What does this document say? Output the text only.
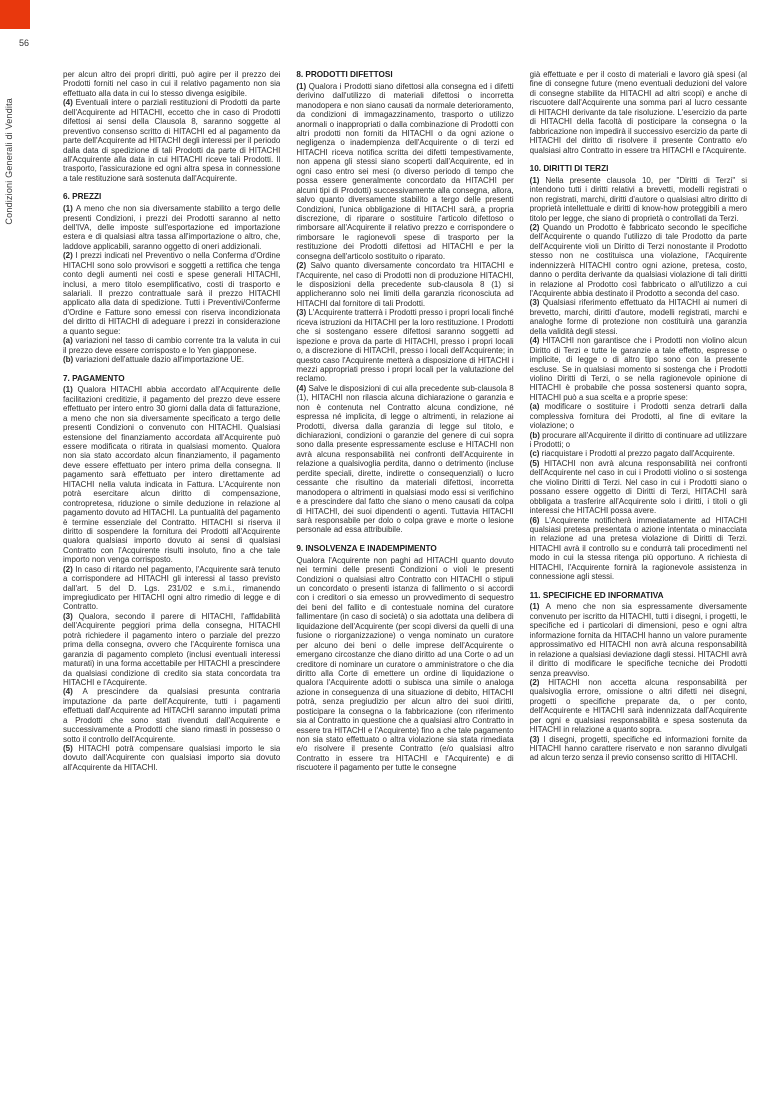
56
Condizioni Generali di Vendita

per alcun altro dei propri diritti, può agire per il prezzo dei Prodotti forniti nel caso in cui il relativo pagamento non sia effettuato alla data in cui lo stesso divenga esigibile.

(4) Eventuali intere o parziali restituzioni di Prodotti da parte dell'Acquirente ad HITACHI, eccetto che in caso di Prodotti difettosi ai sensi della Clausola 8, saranno soggette al preventivo consenso scritto di HITACHI ed al pagamento da parte dell'Acquirente ad HITACHI degli interessi per il periodo dalla data di spedizione di tali Prodotti da parte di HITACHI all'Acquirente alla data in cui HITACHI riceve tali Prodotti. Il trasporto, l'assicurazione ed ogni altra spesa in connessione a tale restituzione sarà sostenuta dall'Acquirente.

6. PREZZI

(1) A meno che non sia diversamente stabilito a tergo delle presenti Condizioni, i prezzi dei Prodotti saranno al netto dell'IVA, delle imposte sull'esportazione ed importazione estera e di qualsiasi altra tassa all'importazione o altro, che, laddove applicabili, saranno oggetto di oneri addizionali.

(2) I prezzi indicati nel Preventivo o nella Conferma d'Ordine HITACHI sono solo provvisori e soggetti a rettifica che tenga conto degli aumenti nei costi e spese generali HITACHI, inclusi, a mero titolo esemplificativo, costi di trasporto e salariali. Il prezzo contrattuale sarà il prezzo HITACHI applicato alla data di spedizione. Tutti i Preventivi/Conferme d'Ordine e Fatture sono emessi con riserva incondizionata del diritto di HITACHI di adeguare i prezzi in considerazione a quanto segue:

(a) variazioni nel tasso di cambio corrente tra la valuta in cui il prezzo deve essere corrisposto e lo Yen giapponese.

(b) variazioni dell'attuale dazio all'importazione UE.

7. PAGAMENTO

(1) Qualora HITACHI abbia accordato all'Acquirente delle facilitazioni creditizie, il pagamento del prezzo deve essere effettuato per intero entro 30 giorni dalla data di fatturazione, a meno che non sia diversamente specificato a tergo delle presenti Condizioni o convenuto con HITACHI. Qualsiasi estensione del finanziamento accordata all'Acquirente può essere modificata o ritirata in qualsiasi momento. Qualora non sia stato accordato alcun finanziamento, il pagamento deve essere effettuato per intero prima della consegna. Il pagamento sarà effettuato per intero direttamente ad HITACHI nella valuta indicata in Fattura. L'Acquirente non potrà esercitare alcun diritto di compensazione, contropretesa, riduzione o simile deduzione in relazione al pagamento dovuto ad HITACHI. La puntualità del pagamento è termine essenziale del Contratto. HITACHI si riserva il diritto di sospendere la fornitura dei Prodotti all'Acquirente qualora qualsiasi importo dovuto ai sensi di qualsiasi Contratto con l'Acquirente risulti insoluto, fino a che tale importo non venga corrisposto.

(2) In caso di ritardo nel pagamento, l'Acquirente sarà tenuto a corrispondere ad HITACHI gli interessi al tasso previsto dall'art. 5 del D. Lgs. 231/02 e s.m.i., rimanendo impregiudicato per HITACHI ogni altro rimedio di legge e di Contratto.

(3) Qualora, secondo il parere di HITACHI, l'affidabilità dell'Acquirente peggiori prima della consegna, HITACHI potrà richiedere il pagamento intero o parziale del prezzo prima della consegna, ovvero che l'Acquirente fornisca una garanzia di pagamento completo (inclusi eventuali interessi maturati) in una forma accettabile per HITACHI a prescindere da qualsiasi condizione di credito sia stata concordata tra HITACHI e l'Acquirente.

(4) A prescindere da qualsiasi presunta contraria imputazione da parte dell'Acquirente, tutti i pagamenti effettuati dall'Acquirente ad HITACHI saranno imputati prima a Prodotti che sono stati rivenduti dall'Acquirente e successivamente a Prodotti che siano rimasti in possesso o sotto il controllo dell'Acquirente.

(5) HITACHI potrà compensare qualsiasi importo le sia dovuto dall'Acquirente con qualsiasi importo sia dovuto all'Acquirente da HITACHI.

8. PRODOTTI DIFETTOSI

(1) Qualora i Prodotti siano difettosi alla consegna ed i difetti derivino dall'utilizzo di materiali difettosi o incorretta manodopera e non siano causati da normale deterioramento, da condizioni di immagazzinamento, trasporto o utilizzo anormali o inappropriati o dalla combinazione di Prodotti con altri prodotti non forniti da HITACHI o da ogni azione o negligenza o inadempienza dell'Acquirente o di terzi ed HITACHI riceva notifica scritta dei difetti tempestivamente, non appena gli stessi siano scoperti dall'Acquirente, ed in ogni caso entro sei mesi (o diverso periodo di tempo che possa essere generalmente concordato da HITACHI per alcuni tipi di Prodotti) successivamente alla consegna, allora, salvo quanto diversamente stabilito a tergo delle presenti Condizioni, l'unica obbligazione di HITACHI sarà, a propria discrezione, di riparare o sostituire l'articolo difettoso o rimborsare all'Acquirente il relativo prezzo e corrispondere o rimborsare le ragionevoli spese di trasporto per la restituzione dei Prodotti difettosi ad HITACHI e per la consegna dell'articolo sostituito o riparato.

(2) Salvo quanto diversamente concordato tra HITACHI e l'Acquirente, nel caso di Prodotti non di produzione HITACHI, le disposizioni della precedente sub-clausola 8 (1) si applicheranno solo nei limiti della garanzia riconosciuta ad HITACHI dal fornitore di tali Prodotti.

(3) L'Acquirente tratterrà i Prodotti presso i propri locali finché riceva istruzioni da HITACHI per la loro restituzione. I Prodotti che si sostengano essere difettosi saranno soggetti ad ispezione e prova da parte di HITACHI, presso i propri locali o, a discrezione di HITACHI, presso i locali dell'Acquirente; in questo caso l'Acquirente metterà a disposizione di HITACHI i mezzi appropriati presso i propri locali per la valutazione del reclamo.

(4) Salve le disposizioni di cui alla precedente sub-clausola 8 (1), HITACHI non rilascia alcuna dichiarazione o garanzia e non è contenuta nel Contratto alcuna condizione, né espressa né implicita, di legge o altrimenti, in relazione ai Prodotti, diversa dalla garanzia di legge sul titolo, e dichiarazioni, condizioni o garanzie del genere di cui sopra sono dalla presente espressamente escluse e HITACHI non avrà alcuna responsabilità nei confronti dell'Acquirente in relazione a qualsivoglia perdita, danno o detrimento (incluse perdite speciali, dirette, indirette o consequenziali) o lucro cessante che risultino da materiali difettosi, incorretta manodopera o altrimenti in qualsiasi modo essi si verifichino e a prescindere dal fatto che siano o meno causati da colpa di HITACHI, dei suoi dipendenti o agenti. Tuttavia HITACHI sarà responsabile per dolo o colpa grave e morte o lesione personale ad essa attribuibile.

9. INSOLVENZA E INADEMPIMENTO

Qualora l'Acquirente non paghi ad HITACHI quanto dovuto nei termini delle presenti Condizioni o violi le presenti Condizioni o qualsiasi altro Contratto con HITACHI o stipuli un concordato o presenti istanza di fallimento o si accordi con i creditori o sia emesso un provvedimento di sequestro dei beni del fallito e di contestuale nomina del curatore fallimentare (in caso di società) o sia adottata una delibera di liquidazione dell'Acquirente (per scopi diversi da quelli di una fusione o riorganizzazione) o venga nominato un curatore per alcuno dei beni o delle imprese dell'Acquirente o emergano circostanze che diano diritto ad una Corte o ad un creditore di nominare un curatore o amministratore o che dia diritto alla Corte di emettere un ordine di liquidazione o qualora l'Acquirente adotti o subisca una simile o analoga azione in conseguenza di una situazione di debito, HITACHI potrà, senza pregiudizio per alcun altro dei suoi diritti, posticipare la consegna o la fabbricazione (con riferimento sia al Contratto in questione che a qualsiasi altro Contratto in essere tra HITACHI e l'Acquirente) fino a che tale pagamento non sia stato effettuato o altra violazione sia stata rimediata e/o risolvere il presente Contratto (e/o qualsiasi altro Contratto in essere tra HITACHI e l'Acquirente) e di riscuotere il pagamento per tutte le consegne

già effettuate e per il costo di materiali e lavoro già spesi (al fine di consegne future (meno eventuali deduzioni del valore di consegne stabilite da HITACHI ad altri scopi) e anche di riscuotere dall'Acquirente una somma pari al lucro cessante di HITACHI derivante da tale risoluzione. L'esercizio da parte di HITACHI della facoltà di posticipare la consegna o la fabbricazione non impedirà il successivo esercizio da parte di HITACHI del diritto di risolvere il presente Contratto e/o qualsiasi altro Contratto in essere tra HITACHI e l'Acquirente.

10. DIRITTI DI TERZI

(1) Nella presente clausola 10, per "Diritti di Terzi" si intendono tutti i diritti relativi a brevetti, modelli registrati o non registrati, marchi, diritti d'autore o qualsiasi altro diritto di proprietà intellettuale e diritti di know-how proteggibili a mero titolo per legge, che siano di proprietà o controllati da Terzi.

(2) Quando un Prodotto è fabbricato secondo le specifiche dell'Acquirente o quando l'utilizzo di tale Prodotto da parte dell'Acquirente violi un Diritto di Terzi nonostante il Prodotto stesso non ne costituisca una violazione, l'Acquirente indennizzerà HITACHI contro ogni azione, pretesa, costo, danno o perdita derivante da qualsiasi violazione di tali diritti in relazione al Prodotto così fabbricato o all'utilizzo a cui l'Acquirente abbia destinato il Prodotto a seconda del caso.

(3) Qualsiasi riferimento effettuato da HITACHI ai numeri di brevetto, marchi, diritti d'autore, modelli registrati, marchi e analoghe forme di protezione non costituirà una garanzia della validità degli stessi.

(4) HITACHI non garantisce che i Prodotti non violino alcun Diritto di Terzi e tutte le garanzie a tale effetto, espresse o implicite, di legge o di altro tipo sono con la presente escluse. Se in qualsiasi momento si sostenga che i Prodotti violino Diritti di Terzi, o se nella ragionevole opinione di HITACHI è probabile che possa sostenersi quanto sopra, HITACHI può a sua scelta e a proprie spese:

(a) modificare o sostituire i Prodotti senza detrarli dalla complessiva fornitura dei Prodotti, al fine di evitare la violazione; o

(b) procurare all'Acquirente il diritto di continuare ad utilizzare i Prodotti; o

(c) riacquistare i Prodotti al prezzo pagato dall'Acquirente.

(5) HITACHI non avrà alcuna responsabilità nei confronti dell'Acquirente nel caso in cui i Prodotti violino o si sostenga che violino Diritti di Terzi. Nel caso in cui i Prodotti siano o possano essere oggetto di Diritti di Terzi, HITACHI sarà obbligata a trasferire all'Acquirente solo i diritti, i titoli o gli interessi che HITACHI possa avere.

(6) L'Acquirente notificherà immediatamente ad HITACHI qualsiasi pretesa presentata o azione intentata o minacciata in relazione ad una pretesa violazione di Diritti di Terzi. HITACHI avrà il controllo su e condurrà tali procedimenti nel modo in cui la stessa ritenga più opportuno. A richiesta di HITACHI, l'Acquirente fornirà la ragionevole assistenza in connessione agli stessi.

11. SPECIFICHE ED INFORMATIVA

(1) A meno che non sia espressamente diversamente convenuto per iscritto da HITACHI, tutti i disegni, i progetti, le specifiche ed i particolari di dimensioni, peso e ogni altra informazione fornita da HITACHI hanno un valore puramente approssimativo ed HITACHI non avrà alcuna responsabilità in relazione a qualsiasi deviazione dagli stessi. HITACHI avrà il diritto di modificare le specifiche tecniche dei Prodotti senza preavviso.

(2) HITACHI non accetta alcuna responsabilità per qualsivoglia errore, omissione o altri difetti nei disegni, progetti o specifiche preparate da, o per conto, dell'Acquirente e HITACHI sarà indennizzata dall'Acquirente per ogni e qualsiasi responsabilità e spesa sostenuta da HITACHI in relazione a quanto sopra.

(3) I disegni, progetti, specifiche ed informazioni fornite da HITACHI hanno carattere riservato e non saranno divulgati ad alcun terzo senza il previo consenso scritto di HITACHI.
